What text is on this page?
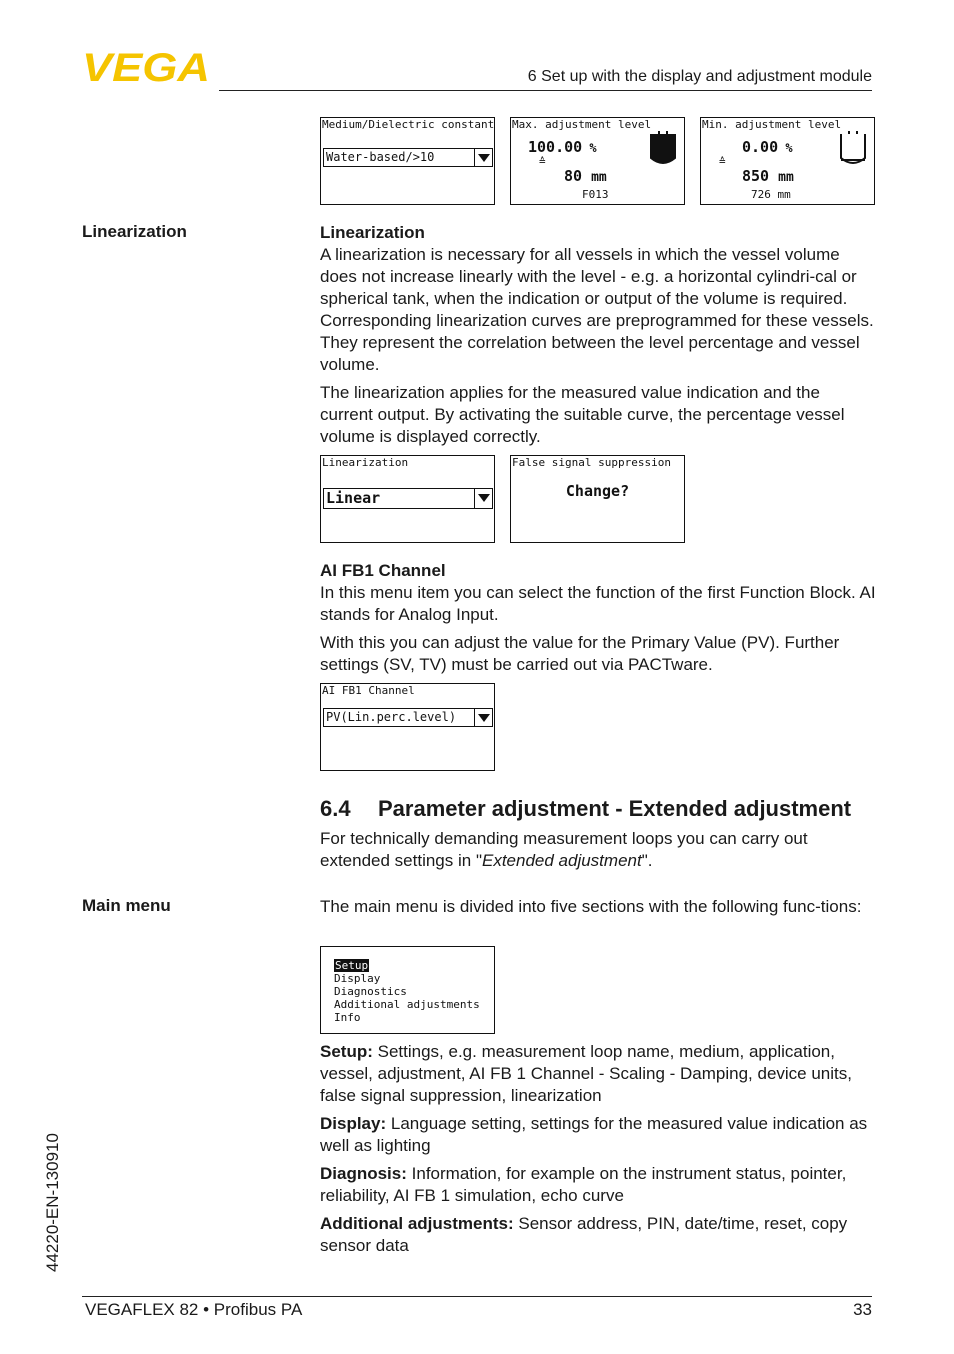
VEGA	6 Set up with the display and adjustment module
Medium/Dielectric constant
Water-based/>10
Max. adjustment level
100.00 %
≙
80 mm
F013
Min. adjustment level
0.00 %
≙
850 mm
726 mm
Linearization	Linearization

A linearization is necessary for all vessels in which the vessel volume does not increase linearly with the level - e.g. a horizontal cylindri-cal or spherical tank, when the indication or output of the volume is required. Corresponding linearization curves are preprogrammed for these vessels. They represent the correlation between the level percentage and vessel volume.

The linearization applies for the measured value indication and the current output. By activating the suitable curve, the percentage vessel volume is displayed correctly.

Linearization
Linear
False signal suppression
Change?
AI FB1 Channel

In this menu item you can select the function of the first Function Block. AI stands for Analog Input.

With this you can adjust the value for the Primary Value (PV). Further settings (SV, TV) must be carried out via PACTware.

AI FB1 Channel
PV(Lin.perc.level)
6.4 Parameter adjustment - Extended adjustment

For technically demanding measurement loops you can carry out extended settings in "Extended adjustment".

Main menu	The main menu is divided into five sections with the following func-tions:

Setup
Display
Diagnostics
Additional adjustments
Info

Setup: Settings, e.g. measurement loop name, medium, application, vessel, adjustment, AI FB 1 Channel - Scaling - Damping, device units, false signal suppression, linearization

Display: Language setting, settings for the measured value indication as well as lighting

Diagnosis: Information, for example on the instrument status, pointer, reliability, AI FB 1 simulation, echo curve

Additional adjustments: Sensor address, PIN, date/time, reset, copy sensor data

44220-EN-130910
VEGAFLEX 82 • Profibus PA	33
